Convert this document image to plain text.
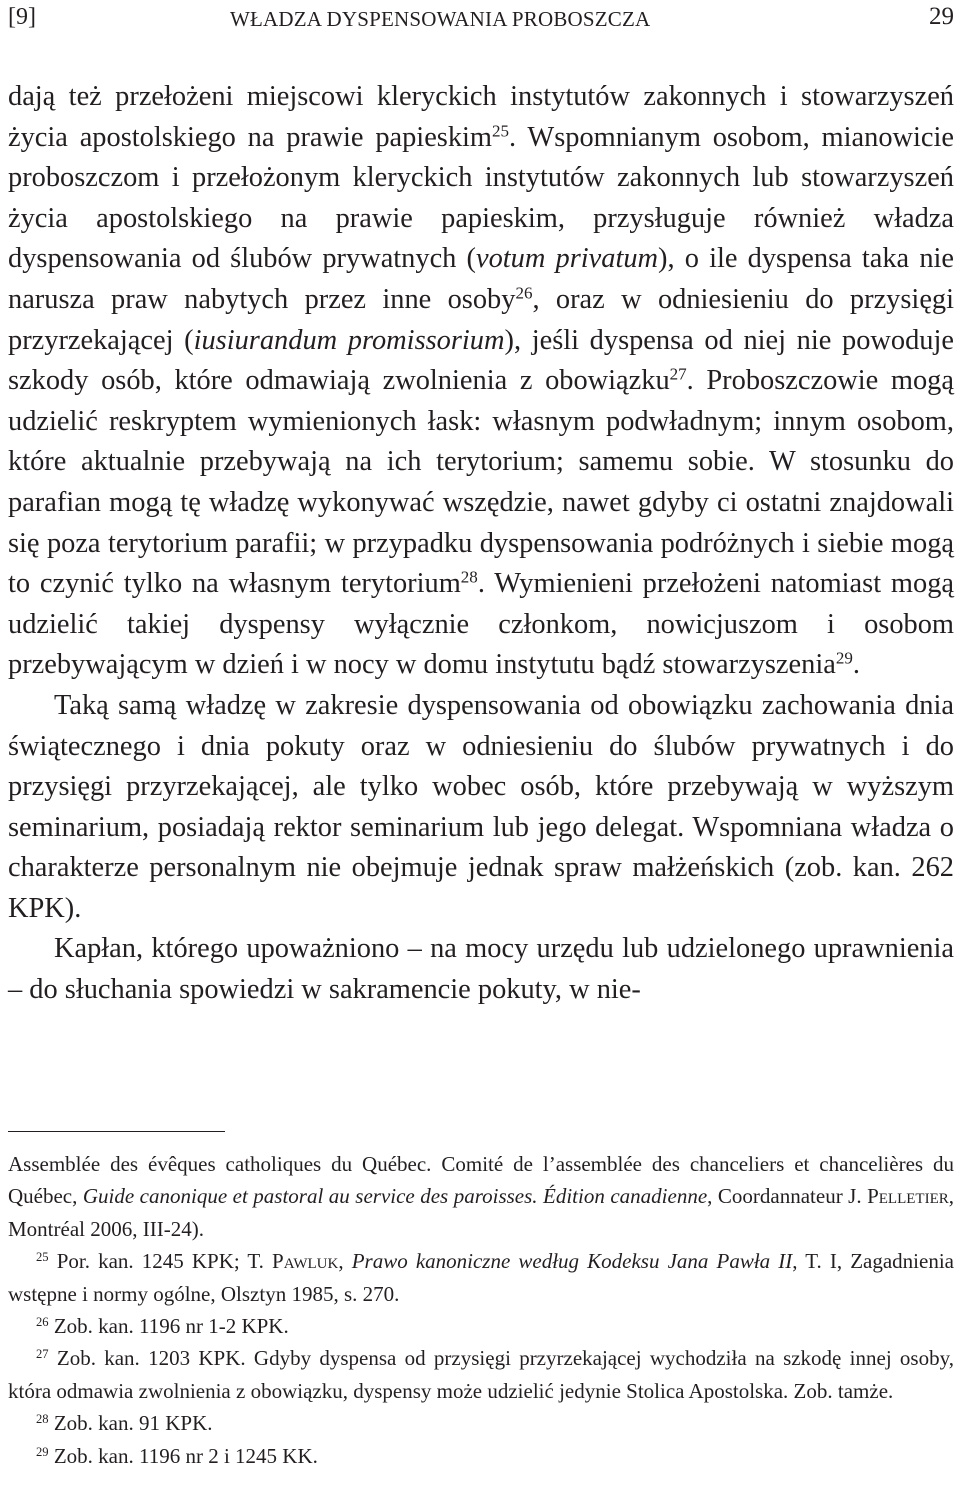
[9]	WŁADZA DYSPENSOWANIA PROBOSZCZA	29

dają też przełożeni miejscowi kleryckich instytutów zakonnych i stowarzyszeń życia apostolskiego na prawie papieskim$^{25}$. Wspomnianym osobom, mianowicie proboszczom i przełożonym kleryckich instytutów zakonnych lub stowarzyszeń życia apostolskiego na prawie papieskim, przysługuje również władza dyspensowania od ślubów prywatnych (votum privatum), o ile dyspensa taka nie narusza praw nabytych przez inne osoby$^{26}$, oraz w odniesieniu do przysięgi przyrzekającej (iusiurandum promissorium), jeśli dyspensa od niej nie powoduje szkody osób, które odmawiają zwolnienia z obowiązku$^{27}$. Proboszczowie mogą udzielić reskryptem wymienionych łask: własnym podwładnym; innym osobom, które aktualnie przebywają na ich terytorium; samemu sobie. W stosunku do parafian mogą tę władzę wykonywać wszędzie, nawet gdyby ci ostatni znajdowali się poza terytorium parafii; w przypadku dyspensowania podróżnych i siebie mogą to czynić tylko na własnym terytorium$^{28}$. Wymienieni przełożeni natomiast mogą udzielić takiej dyspensy wyłącznie członkom, nowicjuszom i osobom przebywającym w dzień i w nocy w domu instytutu bądź stowarzyszenia$^{29}$.

Taką samą władzę w zakresie dyspensowania od obowiązku zachowania dnia świątecznego i dnia pokuty oraz w odniesieniu do ślubów prywatnych i do przysięgi przyrzekającej, ale tylko wobec osób, które przebywają w wyższym seminarium, posiadają rektor seminarium lub jego delegat. Wspomniana władza o charakterze personalnym nie obejmuje jednak spraw małżeńskich (zob. kan. 262 KPK).

Kapłan, którego upoważniono – na mocy urzędu lub udzielonego uprawnienia – do słuchania spowiedzi w sakramencie pokuty, w nie-

Assemblée des évêques catholiques du Québec. Comité de l’assemblée des chanceliers et chancelières du Québec, Guide canonique et pastoral au service des paroisses. Édition canadienne, Coordannateur J. Pelletier, Montréal 2006, III-24).

$^{25}$ Por. kan. 1245 KPK; T. Pawluk, Prawo kanoniczne według Kodeksu Jana Pawła II, T. I, Zagadnienia wstępne i normy ogólne, Olsztyn 1985, s. 270.

$^{26}$ Zob. kan. 1196 nr 1-2 KPK.

$^{27}$ Zob. kan. 1203 KPK. Gdyby dyspensa od przysięgi przyrzekającej wychodziła na szkodę innej osoby, która odmawia zwolnienia z obowiązku, dyspensy może udzielić jedynie Stolica Apostolska. Zob. tamże.

$^{28}$ Zob. kan. 91 KPK.

$^{29}$ Zob. kan. 1196 nr 2 i 1245 KK.
